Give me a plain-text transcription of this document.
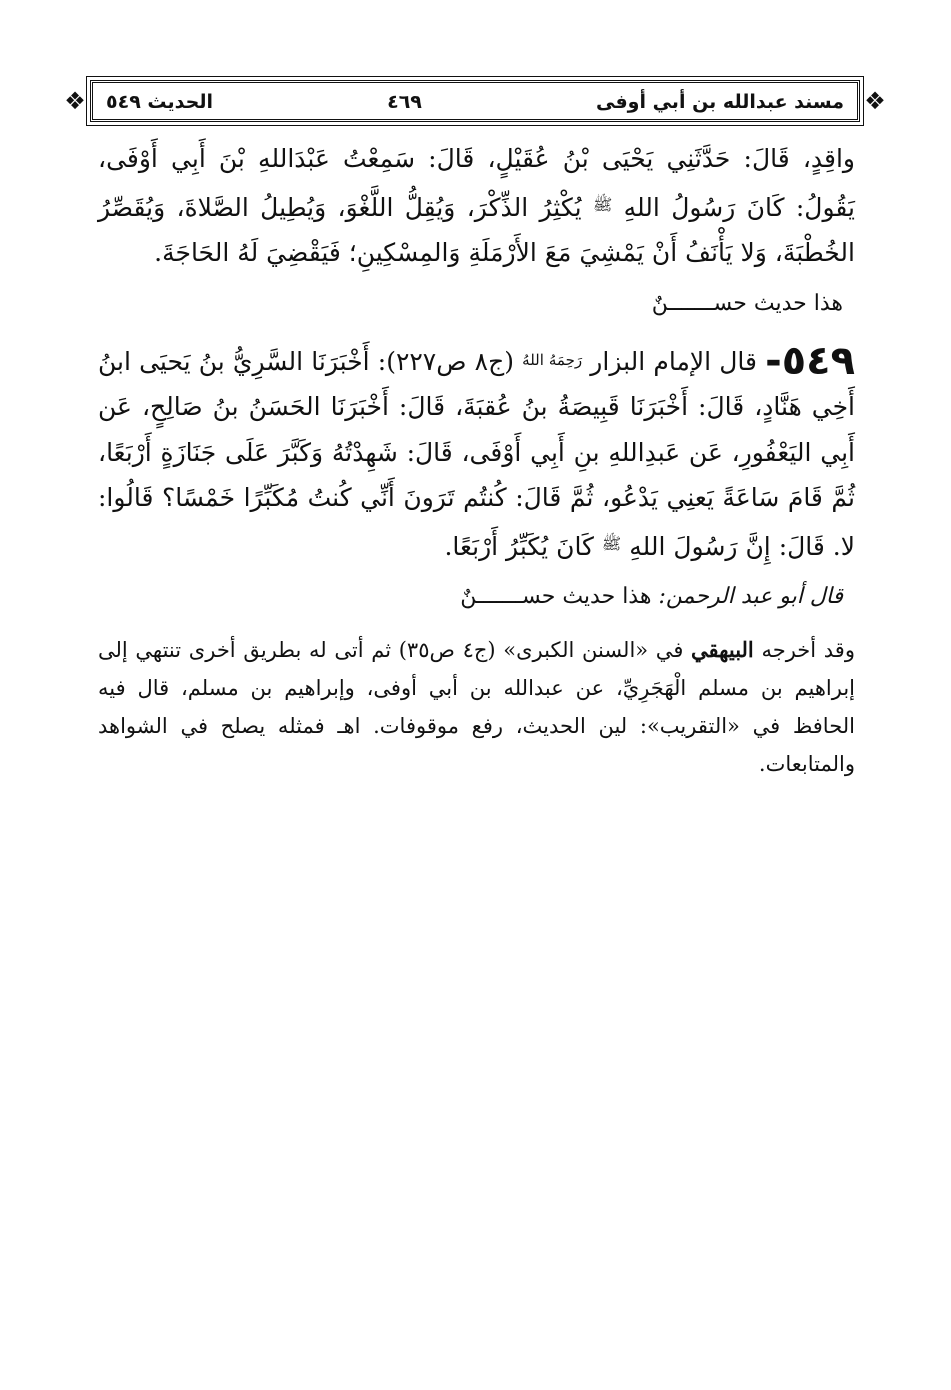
❖	مسند عبدالله بن أبي أوفى
٤٦٩
الحديث ٥٤٩	❖

واقِدٍ، قَالَ: حَدَّثَنِي يَحْيَى بْنُ عُقَيْلٍ، قَالَ: سَمِعْتُ عَبْدَاللهِ بْنَ أَبِي أَوْفَى، يَقُولُ: كَانَ رَسُولُ اللهِ $^ﷺ$ يُكْثِرُ الذِّكْرَ، وَيُقِلُّ اللَّغْوَ، وَيُطِيلُ الصَّلاةَ، وَيُقَصِّرُ الخُطْبَةَ، وَلا يَأْنَفُ أَنْ يَمْشِيَ مَعَ الأَرْمَلَةِ وَالمِسْكِينِ؛ فَيَقْضِيَ لَهُ الحَاجَةَ.

هذا حديث حســـــــنٌ

٥٤٩- قال الإمام البزار $^{رَحِمَهُ اللهُ}$ (ج٨ ص٢٢٧): أَخْبَرَنَا السَّرِيُّ بنُ يَحيَى ابنُ أَخِي هَنَّادٍ، قَالَ: أَخْبَرَنَا قَبِيصَةُ بنُ عُقبَةَ، قَالَ: أَخْبَرَنَا الحَسَنُ بنُ صَالِحٍ، عَن أَبِي اليَعْفُورِ، عَن عَبدِاللهِ بنِ أَبِي أَوْفَى، قَالَ: شَهِدْتُهُ وَكَبَّرَ عَلَى جَنَازَةٍ أَرْبَعًا، ثُمَّ قَامَ سَاعَةً يَعنِي يَدْعُو، ثُمَّ قَالَ: كُنتُم تَرَونَ أَنِّي كُنتُ مُكَبِّرًا خَمْسًا؟ قَالُوا: لا. قَالَ: إِنَّ رَسُولَ اللهِ $^ﷺ$ كَانَ يُكَبِّرُ أَرْبَعًا.

قال أبو عبد الرحمن: هذا حديث حســـــــنٌ

وقد أخرجه البيهقي في «السنن الكبرى» (ج٤ ص٣٥) ثم أتى له بطريق أخرى تنتهي إلى إبراهيم بن مسلم الْهَجَرِيِّ، عن عبدالله بن أبي أوفى، وإبراهيم بن مسلم، قال فيه الحافظ في «التقريب»: لين الحديث، رفع موقوفات. اهـ فمثله يصلح في الشواهد والمتابعات.
